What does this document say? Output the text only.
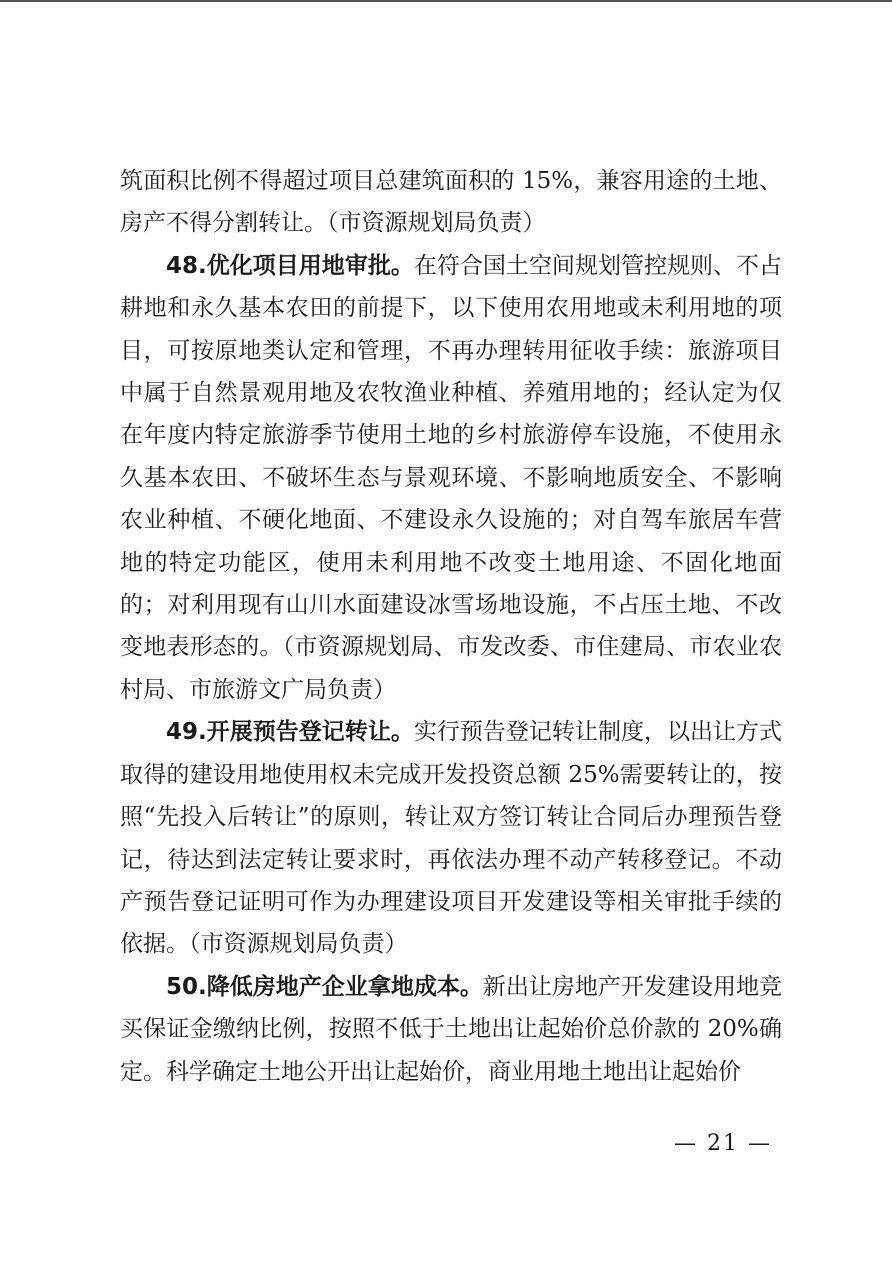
筑面积比例不得超过项目总建筑面积的 15%，兼容用途的土地、房产不得分割转让。（市资源规划局负责）

48.优化项目用地审批。在符合国土空间规划管控规则、不占耕地和永久基本农田的前提下，以下使用农用地或未利用地的项目，可按原地类认定和管理，不再办理转用征收手续：旅游项目中属于自然景观用地及农牧渔业种植、养殖用地的；经认定为仅在年度内特定旅游季节使用土地的乡村旅游停车设施，不使用永久基本农田、不破坏生态与景观环境、不影响地质安全、不影响农业种植、不硬化地面、不建设永久设施的；对自驾车旅居车营地的特定功能区，使用未利用地不改变土地用途、不固化地面的；对利用现有山川水面建设冰雪场地设施，不占压土地、不改变地表形态的。（市资源规划局、市发改委、市住建局、市农业农村局、市旅游文广局负责）

49.开展预告登记转让。实行预告登记转让制度，以出让方式取得的建设用地使用权未完成开发投资总额 25%需要转让的，按照“先投入后转让”的原则，转让双方签订转让合同后办理预告登记，待达到法定转让要求时，再依法办理不动产转移登记。不动产预告登记证明可作为办理建设项目开发建设等相关审批手续的依据。（市资源规划局负责）

50.降低房地产企业拿地成本。新出让房地产开发建设用地竞买保证金缴纳比例，按照不低于土地出让起始价总价款的 20%确定。科学确定土地公开出让起始价，商业用地土地出让起始价

— 21 —
